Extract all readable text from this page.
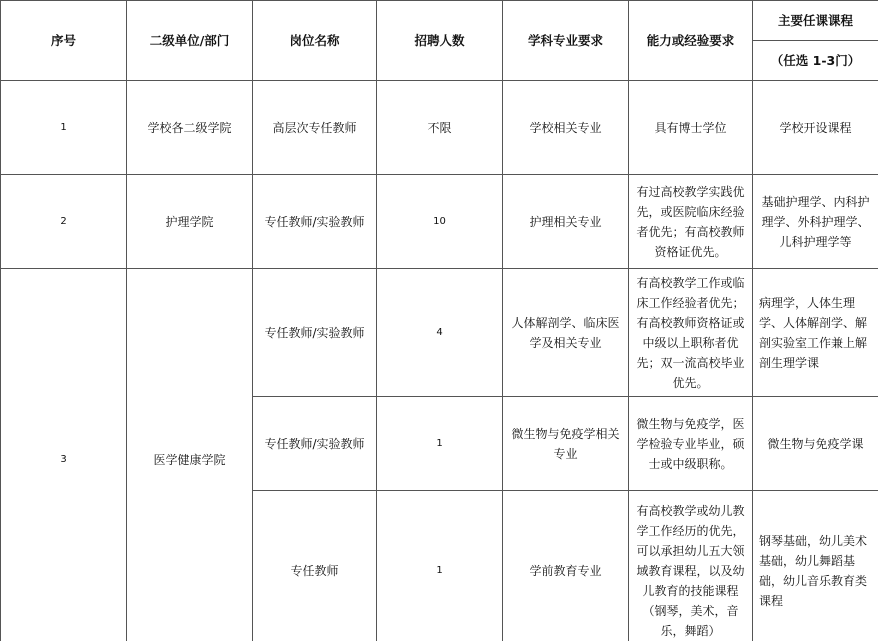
序号	二级单位/部门	岗位名称	招聘人数	学科专业要求	能力或经验要求	主要任课课程
						（任选 1-3门）
1	学校各二级学院	高层次专任教师	不限	学校相关专业	具有博士学位	学校开设课程
2	护理学院	专任教师/实验教师	10	护理相关专业	有过高校教学实践优先，或医院临床经验者优先；有高校教师资格证优先。	基础护理学、内科护理学、外科护理学、儿科护理学等
3	医学健康学院	专任教师/实验教师	4	人体解剖学、临床医学及相关专业	有高校教学工作或临床工作经验者优先；有高校教师资格证或中级以上职称者优先；双一流高校毕业优先。	病理学，人体生理学、人体解剖学、解剖实验室工作兼上解剖生理学课
		专任教师/实验教师	1	微生物与免疫学相关专业	微生物与免疫学，医学检验专业毕业，硕士或中级职称。	微生物与免疫学课
		专任教师	1	学前教育专业	有高校教学或幼儿教学工作经历的优先，可以承担幼儿五大领域教育课程，以及幼儿教育的技能课程（钢琴，美术，音乐，舞蹈）	钢琴基础，幼儿美术基础，幼儿舞蹈基础，幼儿音乐教育类课程
